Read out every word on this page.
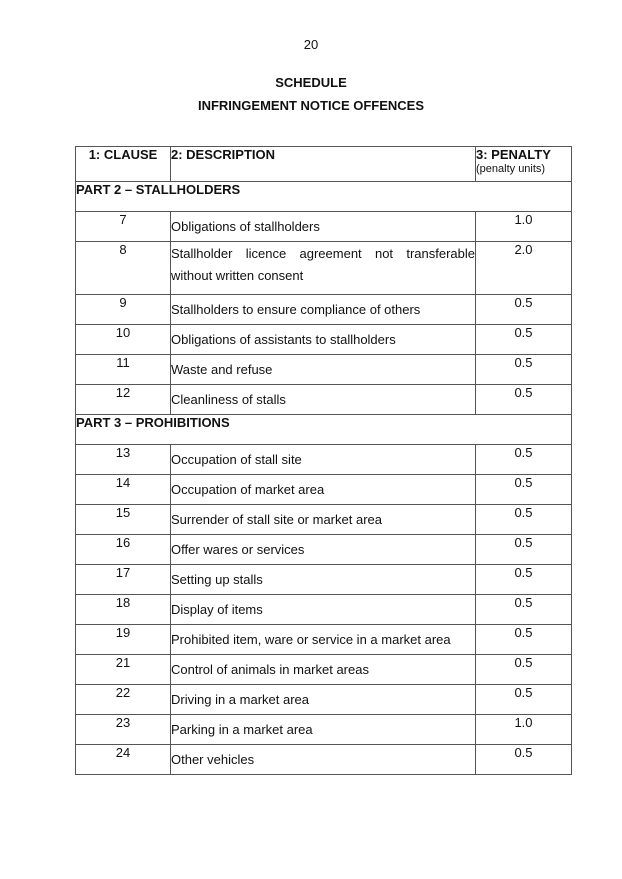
20
SCHEDULE
INFRINGEMENT NOTICE OFFENCES
1: CLAUSE	2: DESCRIPTION	3: PENALTY
(penalty units)

PART 2 – STALLHOLDERS		
7	Obligations of stallholders	1.0
8	Stallholder licence agreement not transferable without written consent	2.0
9	Stallholders to ensure compliance of others	0.5
10	Obligations of assistants to stallholders	0.5
11	Waste and refuse	0.5
12	Cleanliness of stalls	0.5
PART 3 – PROHIBITIONS		
13	Occupation of stall site	0.5
14	Occupation of market area	0.5
15	Surrender of stall site or market area	0.5
16	Offer wares or services	0.5
17	Setting up stalls	0.5
18	Display of items	0.5
19	Prohibited item, ware or service in a market area	0.5
21	Control of animals in market areas	0.5
22	Driving in a market area	0.5
23	Parking in a market area	1.0
24	Other vehicles	0.5
